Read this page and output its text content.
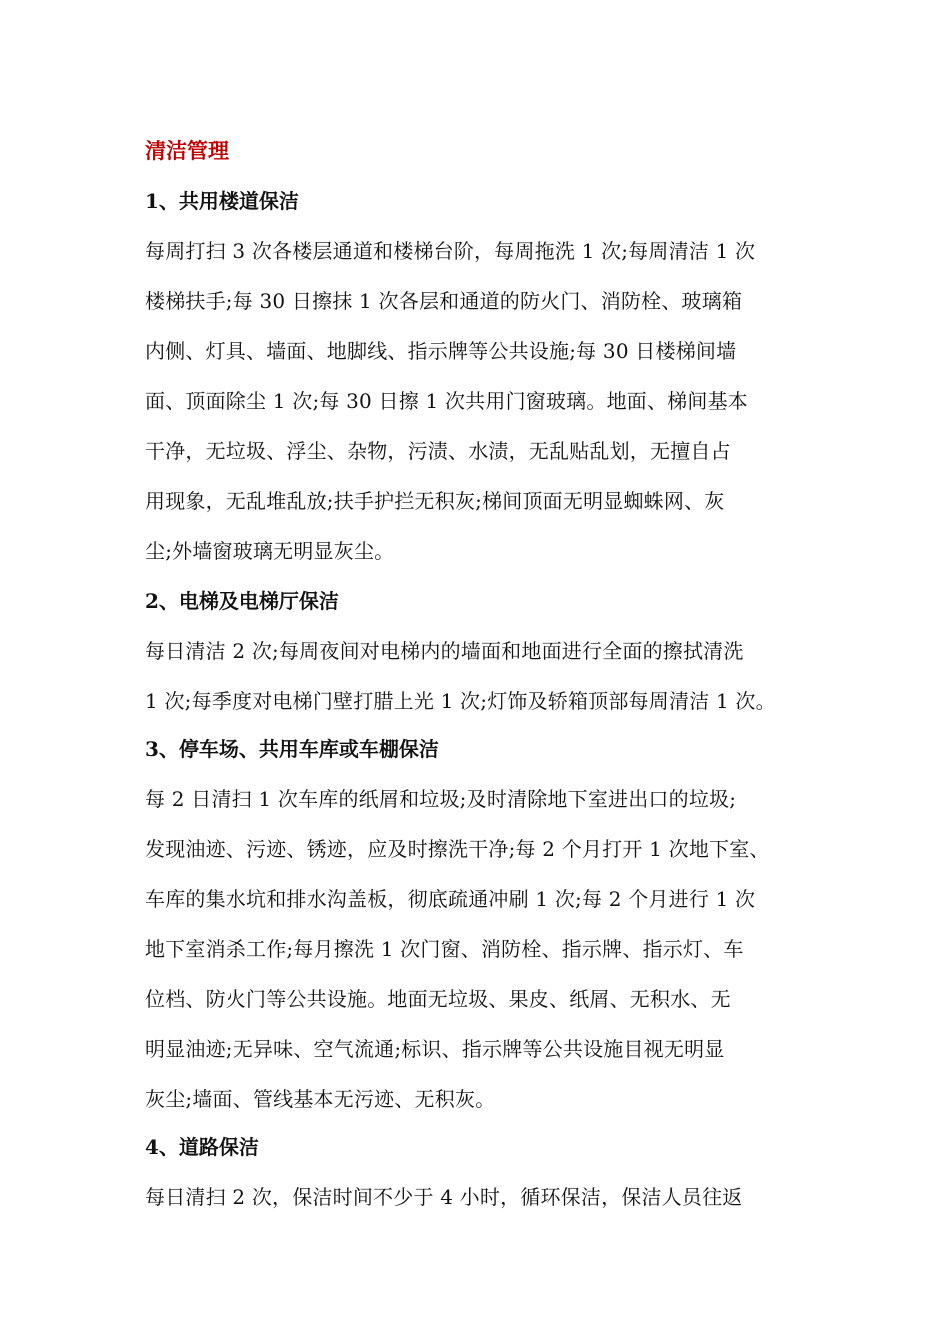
清洁管理
1、共用楼道保洁
每周打扫 3 次各楼层通道和楼梯台阶，每周拖洗 1 次;每周清洁 1 次
楼梯扶手;每 30 日擦抹 1 次各层和通道的防火门、消防栓、玻璃箱
内侧、灯具、墙面、地脚线、指示牌等公共设施;每 30 日楼梯间墙
面、顶面除尘 1 次;每 30 日擦 1 次共用门窗玻璃。地面、梯间基本
干净，无垃圾、浮尘、杂物，污渍、水渍，无乱贴乱划，无擅自占
用现象，无乱堆乱放;扶手护拦无积灰;梯间顶面无明显蜘蛛网、灰
尘;外墙窗玻璃无明显灰尘。
2、电梯及电梯厅保洁
每日清洁 2 次;每周夜间对电梯内的墙面和地面进行全面的擦拭清洗
1 次;每季度对电梯门壁打腊上光 1 次;灯饰及轿箱顶部每周清洁 1 次。
3、停车场、共用车库或车棚保洁
每 2 日清扫 1 次车库的纸屑和垃圾;及时清除地下室进出口的垃圾;
发现油迹、污迹、锈迹，应及时擦洗干净;每 2 个月打开 1 次地下室、
车库的集水坑和排水沟盖板，彻底疏通冲刷 1 次;每 2 个月进行 1 次
地下室消杀工作;每月擦洗 1 次门窗、消防栓、指示牌、指示灯、车
位档、防火门等公共设施。地面无垃圾、果皮、纸屑、无积水、无
明显油迹;无异味、空气流通;标识、指示牌等公共设施目视无明显
灰尘;墙面、管线基本无污迹、无积灰。
4、道路保洁
每日清扫 2 次，保洁时间不少于 4 小时，循环保洁，保洁人员往返
